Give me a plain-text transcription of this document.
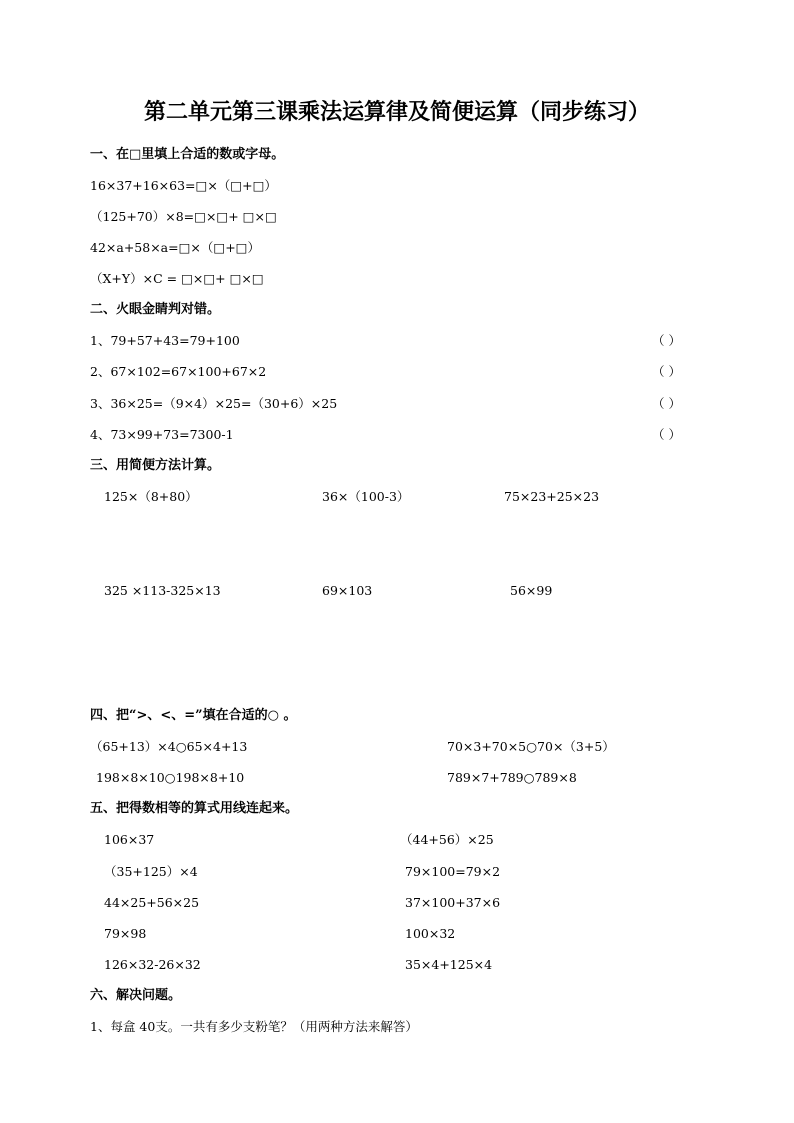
第二单元第三课乘法运算律及简便运算（同步练习）
一、在□里填上合适的数或字母。
16×37+16×63=□×（□+□）
（125+70）×8=□×□+ □×□
42×a+58×a=□×（□+□）
（X+Y）×C = □×□+ □×□
二、火眼金睛判对错。
1、79+57+43=79+100	（ ）
2、67×102=67×100+67×2	（ ）
3、36×25=（9×4）×25=（30+6）×25	（ ）
4、73×99+73=7300-1	（ ）
三、用简便方法计算。
125×（8+80）	36×（100-3）	75×23+25×23
325 ×113-325×13	69×103	56×99
四、把“>、<、=”填在合适的○ 。
（65+13）×4○65×4+13	70×3+70×5○70×（3+5）
198×8×10○198×8+10	789×7+789○789×8
五、把得数相等的算式用线连起来。
106×37	（44+56）×25
（35+125）×4	79×100=79×2
44×25+56×25	37×100+37×6
79×98	100×32
126×32-26×32	35×4+125×4
六、解决问题。
1、每盒 40支。一共有多少支粉笔？（用两种方法来解答）
